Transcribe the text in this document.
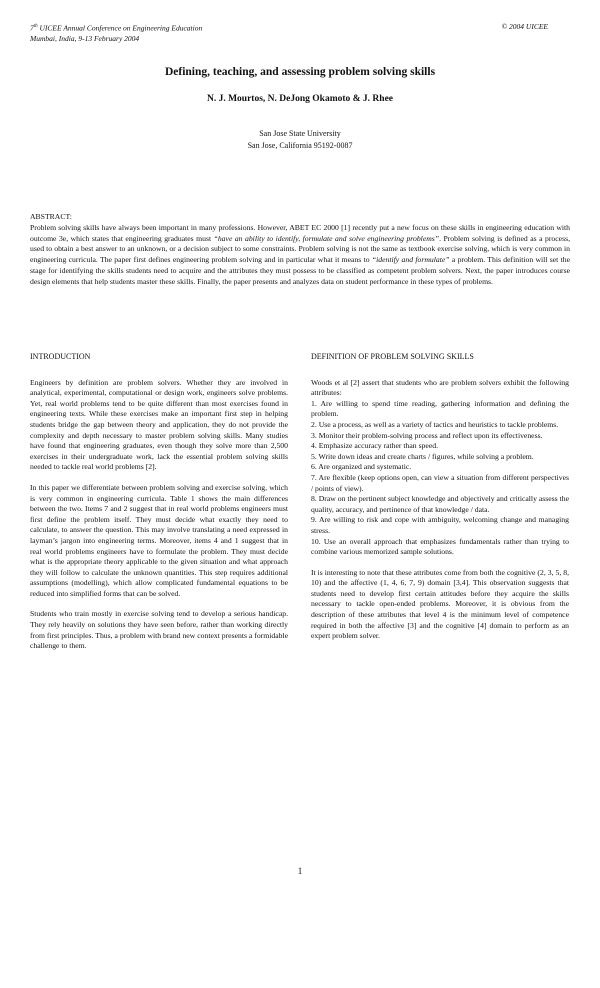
7th UICEE Annual Conference on Engineering Education
Mumbai, India, 9-13 February 2004
© 2004 UICEE
Defining, teaching, and assessing problem solving skills
N. J. Mourtos, N. DeJong Okamoto & J. Rhee
San Jose State University
San Jose, California 95192-0087
ABSTRACT:

Problem solving skills have always been important in many professions. However, ABET EC 2000 [1] recently put a new focus on these skills in engineering education with outcome 3e, which states that engineering graduates must “have an ability to identify, formulate and solve engineering problems”. Problem solving is defined as a process, used to obtain a best answer to an unknown, or a decision subject to some constraints. Problem solving is not the same as textbook exercise solving, which is very common in engineering curricula. The paper first defines engineering problem solving and in particular what it means to “identify and formulate” a problem. This definition will set the stage for identifying the skills students need to acquire and the attributes they must possess to be classified as competent problem solvers. Next, the paper introduces course design elements that help students master these skills. Finally, the paper presents and analyzes data on student performance in these types of problems.

INTRODUCTION

Engineers by definition are problem solvers. Whether they are involved in analytical, experimental, computational or design work, engineers solve problems. Yet, real world problems tend to be quite different than most exercises found in engineering texts. While these exercises make an important first step in helping students bridge the gap between theory and application, they do not provide the complexity and depth necessary to master problem solving skills. Many studies have found that engineering graduates, even though they solve more than 2,500 exercises in their undergraduate work, lack the essential problem solving skills needed to tackle real world problems [2].

In this paper we differentiate between problem solving and exercise solving, which is very common in engineering curricula. Table 1 shows the main differences between the two. Items 7 and 2 suggest that in real world problems engineers must first define the problem itself. They must decide what exactly they need to calculate, to answer the question. This may involve translating a need expressed in layman’s jargon into engineering terms. Moreover, items 4 and 1 suggest that in real world problems engineers have to formulate the problem. They must decide what is the appropriate theory applicable to the given situation and what approach they will follow to calculate the unknown quantities. This step requires additional assumptions (modelling), which allow complicated fundamental equations to be reduced into simplified forms that can be solved.

Students who train mostly in exercise solving tend to develop a serious handicap. They rely heavily on solutions they have seen before, rather than working directly from first principles. Thus, a problem with brand new context presents a formidable challenge to them.

DEFINITION OF PROBLEM SOLVING SKILLS

Woods et al [2] assert that students who are problem solvers exhibit the following attributes:

1. Are willing to spend time reading, gathering information and defining the problem.

2. Use a process, as well as a variety of tactics and heuristics to tackle problems.

3. Monitor their problem-solving process and reflect upon its effectiveness.

4. Emphasize accuracy rather than speed.

5. Write down ideas and create charts / figures, while solving a problem.

6. Are organized and systematic.

7. Are flexible (keep options open, can view a situation from different perspectives / points of view).

8. Draw on the pertinent subject knowledge and objectively and critically assess the quality, accuracy, and pertinence of that knowledge / data.

9. Are willing to risk and cope with ambiguity, welcoming change and managing stress.

10. Use an overall approach that emphasizes fundamentals rather than trying to combine various memorized sample solutions.

It is interesting to note that these attributes come from both the cognitive (2, 3, 5, 8, 10) and the affective (1, 4, 6, 7, 9) domain [3,4]. This observation suggests that students need to develop first certain attitudes before they acquire the skills necessary to tackle open-ended problems. Moreover, it is obvious from the description of these attributes that level 4 is the minimum level of competence required in both the affective [3] and the cognitive [4] domain to perform as an expert problem solver.

1
